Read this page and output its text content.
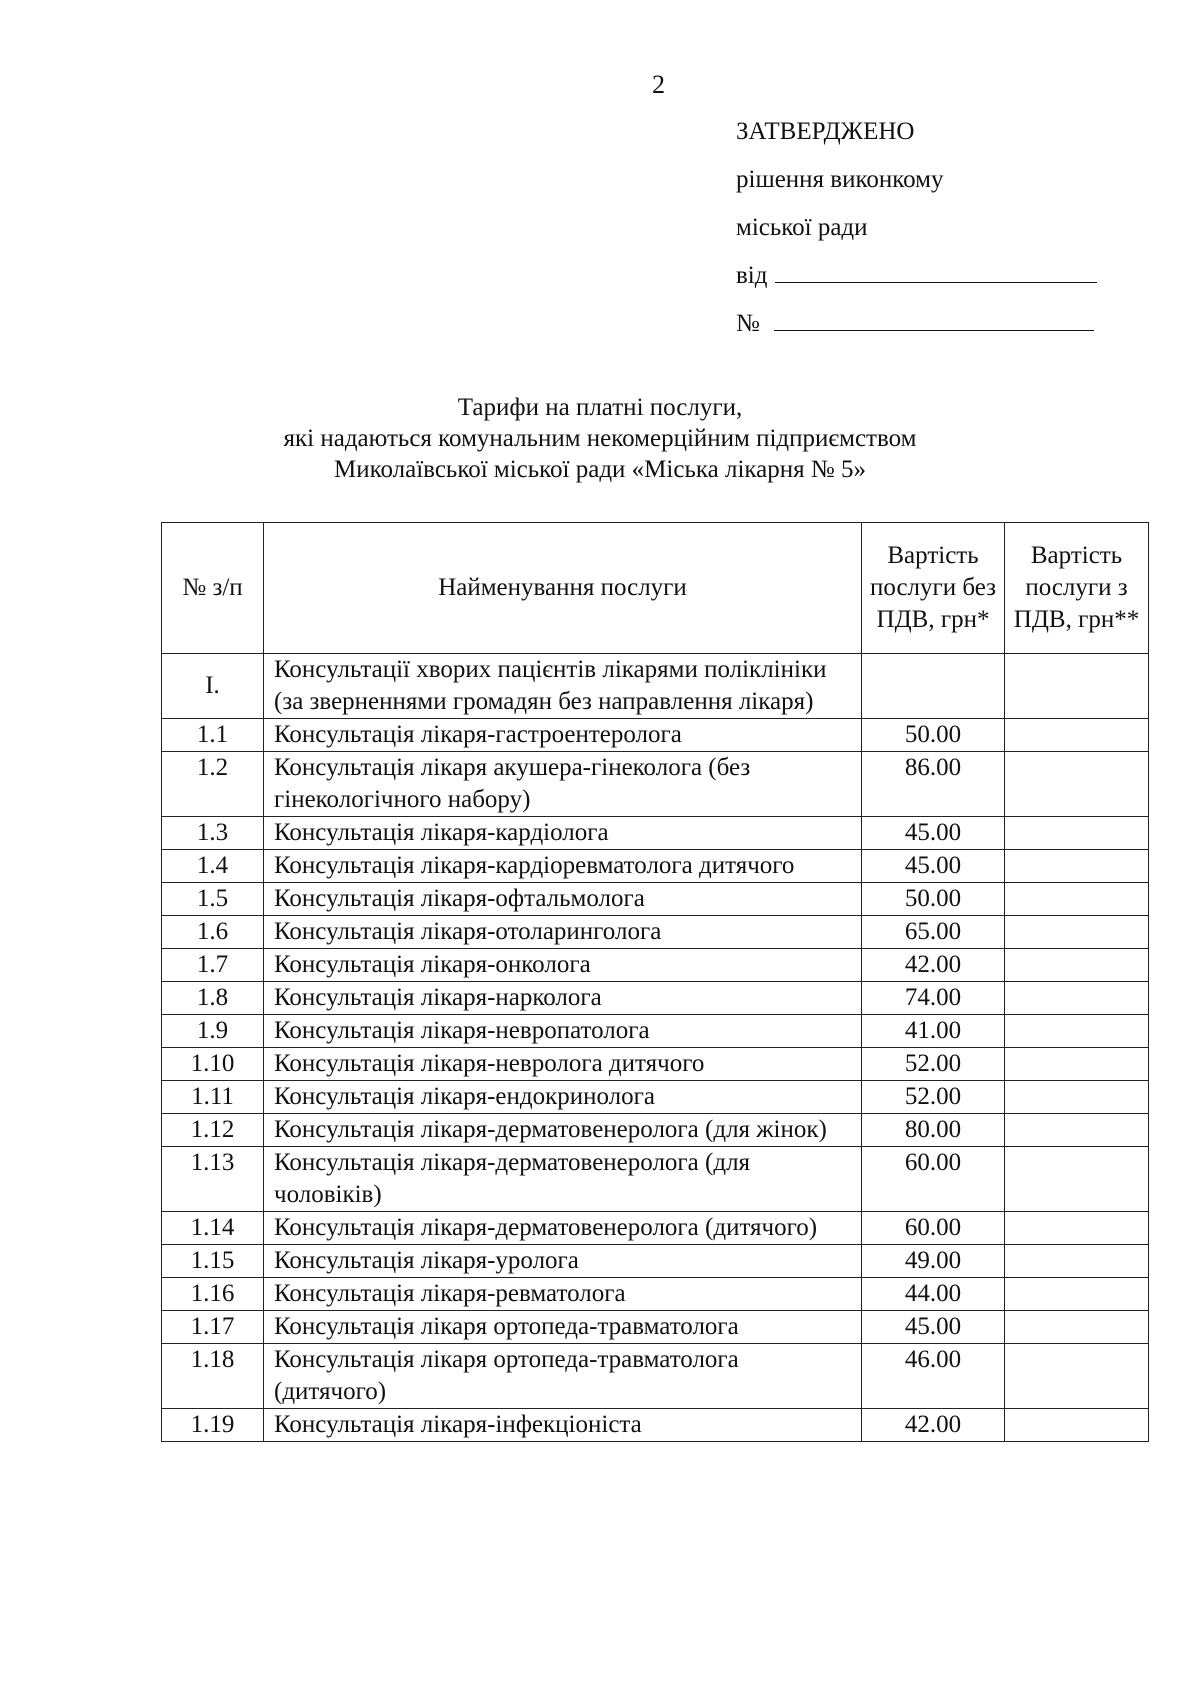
2
ЗАТВЕРДЖЕНО
рішення виконкому
міської ради
від
№
Тарифи на платні послуги,
які надаються комунальним некомерційним підприємством
Миколаївської міської ради «Міська лікарня № 5»
№ з/п	Найменування послуги	Вартість послуги без ПДВ, грн*	Вартість послуги з ПДВ, грн**
I.	Консультації хворих пацієнтів лікарями поліклініки (за зверненнями громадян без направлення лікаря)		
1.1	Консультація лікаря-гастроентеролога	50.00	
1.2	Консультація лікаря акушера-гінеколога (без гінекологічного набору)	86.00	
1.3	Консультація лікаря-кардіолога	45.00	
1.4	Консультація лікаря-кардіоревматолога дитячого	45.00	
1.5	Консультація лікаря-офтальмолога	50.00	
1.6	Консультація лікаря-отоларинголога	65.00	
1.7	Консультація лікаря-онколога	42.00	
1.8	Консультація лікаря-нарколога	74.00	
1.9	Консультація лікаря-невропатолога	41.00	
1.10	Консультація лікаря-невролога дитячого	52.00	
1.11	Консультація лікаря-ендокринолога	52.00	
1.12	Консультація лікаря-дерматовенеролога (для жінок)	80.00	
1.13	Консультація лікаря-дерматовенеролога (для чоловіків)	60.00	
1.14	Консультація лікаря-дерматовенеролога (дитячого)	60.00	
1.15	Консультація лікаря-уролога	49.00	
1.16	Консультація лікаря-ревматолога	44.00	
1.17	Консультація лікаря ортопеда-травматолога	45.00	
1.18	Консультація лікаря ортопеда-травматолога (дитячого)	46.00	
1.19	Консультація лікаря-інфекціоніста	42.00	
